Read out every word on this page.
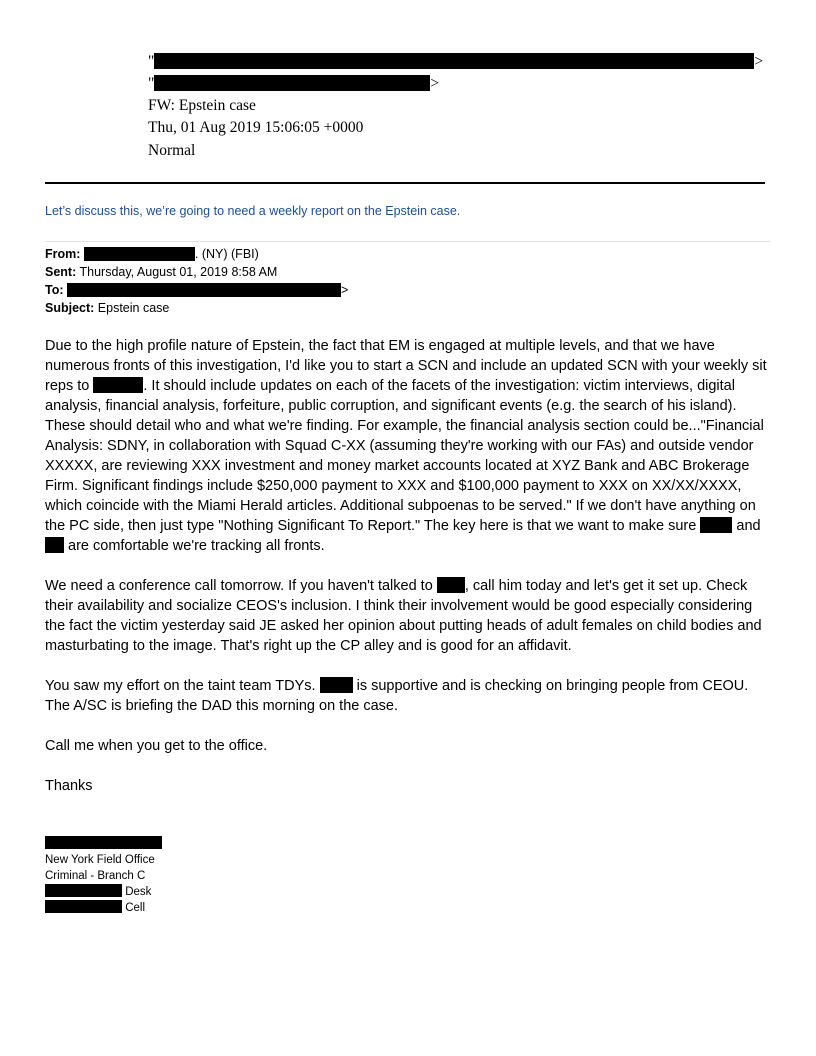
"	>
"	>
FW: Epstein case
Thu, 01 Aug 2019 15:06:05 +0000
Normal
Let’s discuss this, we’re going to need a weekly report on the Epstein case.
From:	. (NY) (FBI)
Sent: Thursday, August 01, 2019 8:58 AM
To:	>
Subject: Epstein case

Due to the high profile nature of Epstein, the fact that EM is engaged at multiple levels, and that we have numerous fronts of this investigation, I'd like you to start a SCN and include an updated SCN with your weekly sit reps to	. It should include updates on each of the facets of the investigation: victim interviews, digital analysis, financial analysis, forfeiture, public corruption, and significant events (e.g. the search of his island). These should detail who and what we're finding. For example, the financial analysis section could be..."Financial Analysis: SDNY, in collaboration with Squad C-XX (assuming they're working with our FAs) and outside vendor XXXXX, are reviewing XXX investment and money market accounts located at XYZ Bank and ABC Brokerage Firm. Significant findings include $250,000 payment to XXX and $100,000 payment to XXX on XX/XX/XXXX, which coincide with the Miami Herald articles. Additional subpoenas to be served." If we don't have anything on the PC side, then just type "Nothing Significant To Report." The key here is that we want to make sure  and  are comfortable we're tracking all fronts.

We need a conference call tomorrow. If you haven't talked to , call him today and let's get it set up. Check their availability and socialize CEOS's inclusion. I think their involvement would be good especially considering the fact the victim yesterday said JE asked her opinion about putting heads of adult females on child bodies and masturbating to the image. That's right up the CP alley and is good for an affidavit.

You saw my effort on the taint team TDYs.  is supportive and is checking on bringing people from CEOU. The A/SC is briefing the DAD this morning on the case.

Call me when you get to the office.

Thanks

New York Field Office
Criminal - Branch C
Desk
Cell
